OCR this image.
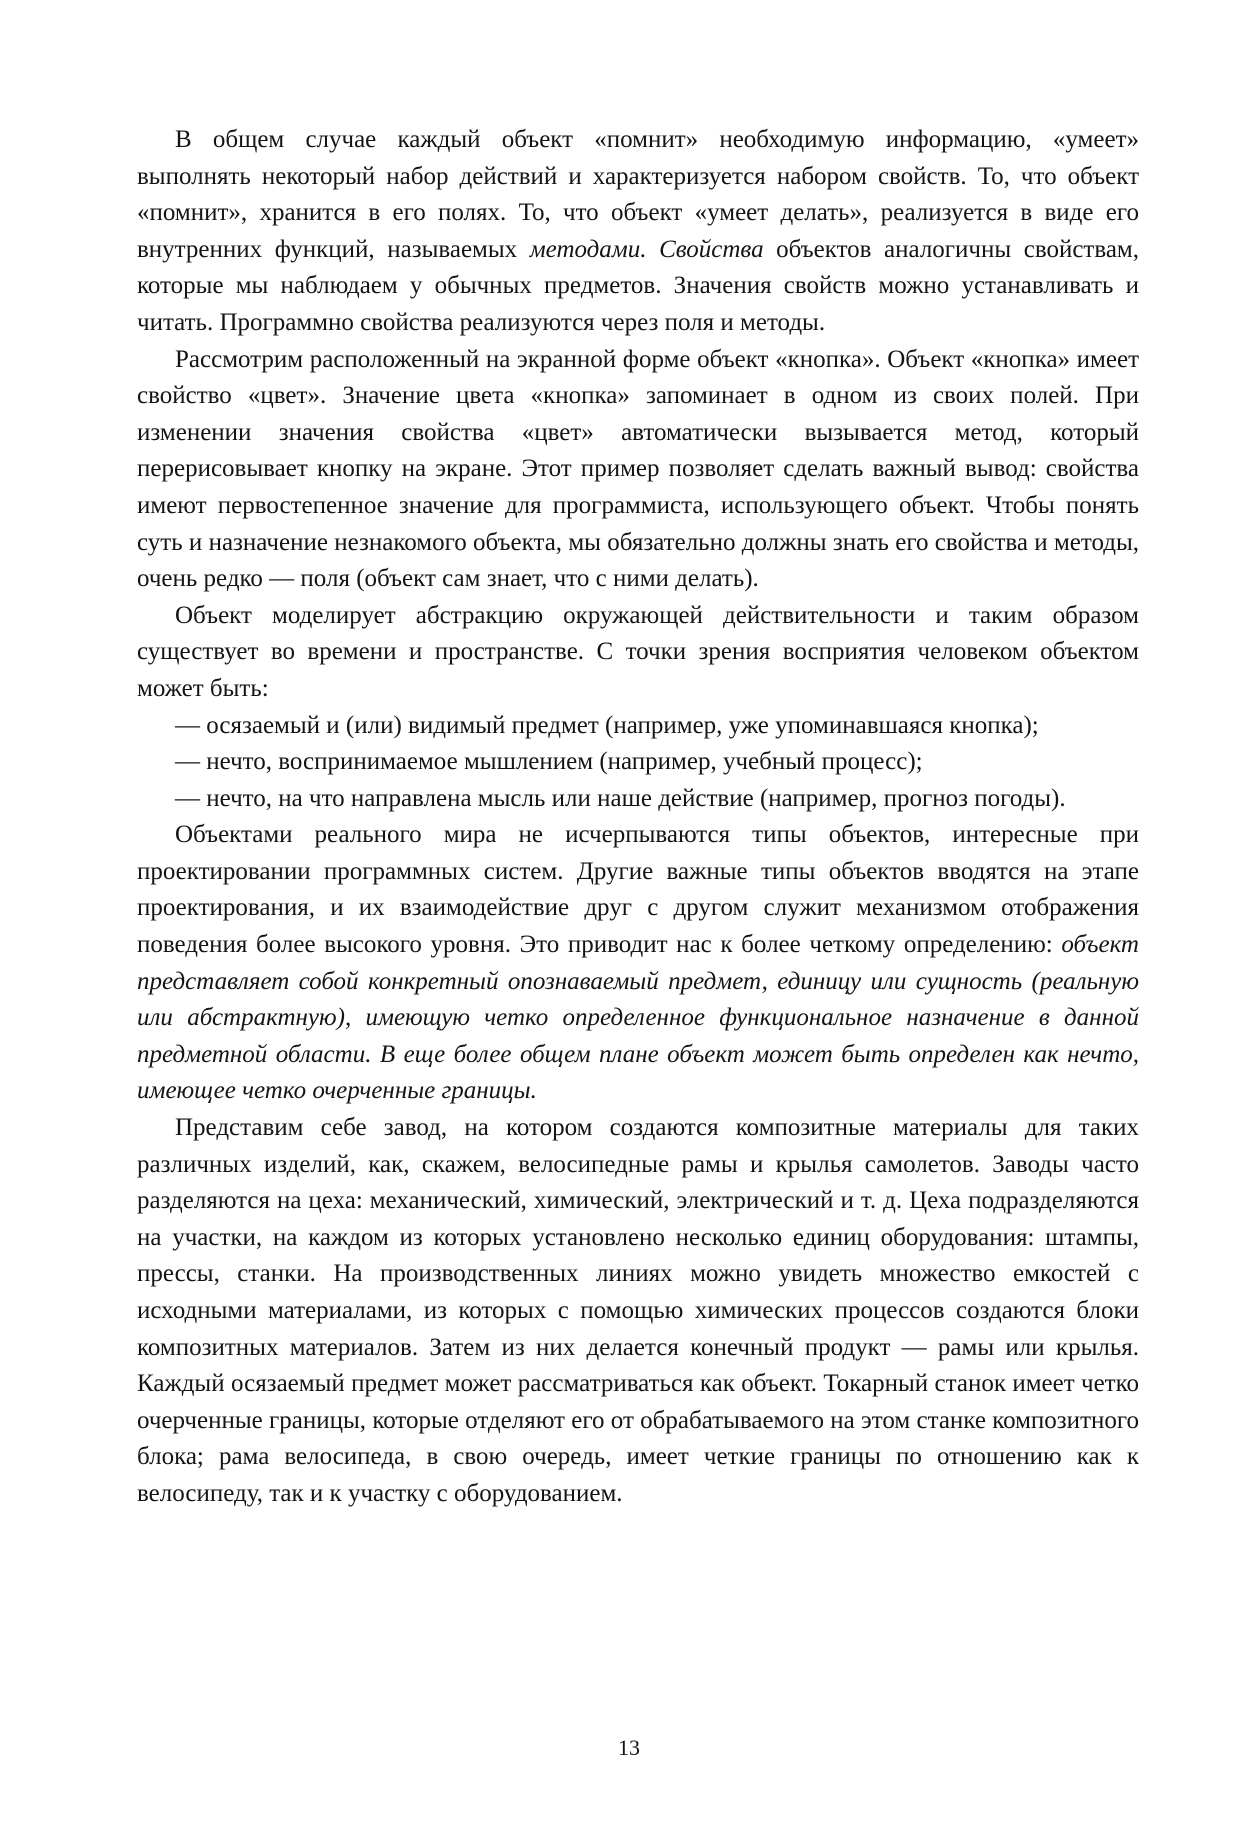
В общем случае каждый объект «помнит» необходимую информацию, «умеет» выполнять некоторый набор действий и характеризуется набором свойств. То, что объект «помнит», хранится в его полях. То, что объект «умеет делать», реализуется в виде его внутренних функций, называемых методами. Свойства объектов аналогичны свойствам, которые мы наблюдаем у обычных предметов. Значения свойств можно устанавливать и читать. Программно свойства реализуются через поля и методы.

Рассмотрим расположенный на экранной форме объект «кнопка». Объект «кнопка» имеет свойство «цвет». Значение цвета «кнопка» запоминает в одном из своих полей. При изменении значения свойства «цвет» автоматически вызывается метод, который перерисовывает кнопку на экране. Этот пример позволяет сделать важный вывод: свойства имеют первостепенное значение для программиста, использующего объект. Чтобы понять суть и назначение незнакомого объекта, мы обязательно должны знать его свойства и методы, очень редко — поля (объект сам знает, что с ними делать).

Объект моделирует абстракцию окружающей действительности и таким образом существует во времени и пространстве. С точки зрения восприятия человеком объектом может быть:

— осязаемый и (или) видимый предмет (например, уже упоминавшаяся кнопка);

— нечто, воспринимаемое мышлением (например, учебный процесс);

— нечто, на что направлена мысль или наше действие (например, прогноз погоды).

Объектами реального мира не исчерпываются типы объектов, интересные при проектировании программных систем. Другие важные типы объектов вводятся на этапе проектирования, и их взаимодействие друг с другом служит механизмом отображения поведения более высокого уровня. Это приводит нас к более четкому определению: объект представляет собой конкретный опознаваемый предмет, единицу или сущность (реальную или абстрактную), имеющую четко определенное функциональное назначение в данной предметной области. В еще более общем плане объект может быть определен как нечто, имеющее четко очерченные границы.

Представим себе завод, на котором создаются композитные материалы для таких различных изделий, как, скажем, велосипедные рамы и крылья самолетов. Заводы часто разделяются на цеха: механический, химический, электрический и т. д. Цеха подразделяются на участки, на каждом из которых установлено несколько единиц оборудования: штампы, прессы, станки. На производственных линиях можно увидеть множество емкостей с исходными материалами, из которых с помощью химических процессов создаются блоки композитных материалов. Затем из них делается конечный продукт — рамы или крылья. Каждый осязаемый предмет может рассматриваться как объект. Токарный станок имеет четко очерченные границы, которые отделяют его от обрабатываемого на этом станке композитного блока; рама велосипеда, в свою очередь, имеет четкие границы по отношению как к велосипеду, так и к участку с оборудованием.

13
